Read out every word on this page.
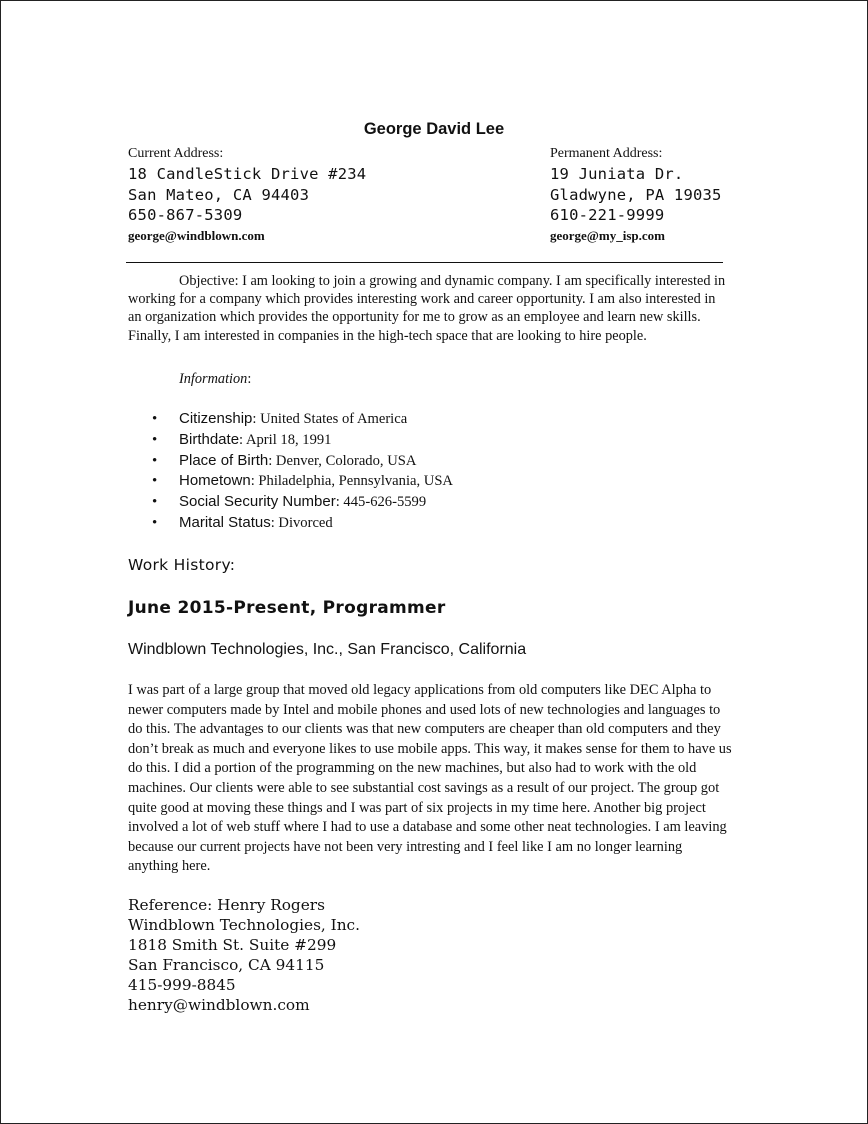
George David Lee
Current Address:
18 CandleStick Drive #234
San Mateo, CA 94403
650-867-5309
george@windblown.com
Permanent Address:
19 Juniata Dr.
Gladwyne, PA 19035
610-221-9999
george@my_isp.com
Objective: I am looking to join a growing and dynamic company. I am specifically interested in working for a company which provides interesting work and career opportunity. I am also interested in an organization which provides the opportunity for me to grow as an employee and learn new skills. Finally, I am interested in companies in the high-tech space that are looking to hire people.
Information:
• Citizenship: United States of America
• Birthdate: April 18, 1991
• Place of Birth: Denver, Colorado, USA
• Hometown: Philadelphia, Pennsylvania, USA
• Social Security Number: 445-626-5599
• Marital Status: Divorced
Work History:
June 2015-Present, Programmer
Windblown Technologies, Inc., San Francisco, California
I was part of a large group that moved old legacy applications from old computers like DEC Alpha to newer computers made by Intel and mobile phones and used lots of new technologies and languages to do this. The advantages to our clients was that new computers are cheaper than old computers and they don’t break as much and everyone likes to use mobile apps. This way, it makes sense for them to have us do this. I did a portion of the programming on the new machines, but also had to work with the old machines. Our clients were able to see substantial cost savings as a result of our project. The group got quite good at moving these things and I was part of six projects in my time here. Another big project involved a lot of web stuff where I had to use a database and some other neat technologies. I am leaving because our current projects have not been very intresting and I feel like I am no longer learning anything here.
Reference: Henry Rogers
Windblown Technologies, Inc.
1818 Smith St. Suite #299
San Francisco, CA 94115
415-999-8845
henry@windblown.com
